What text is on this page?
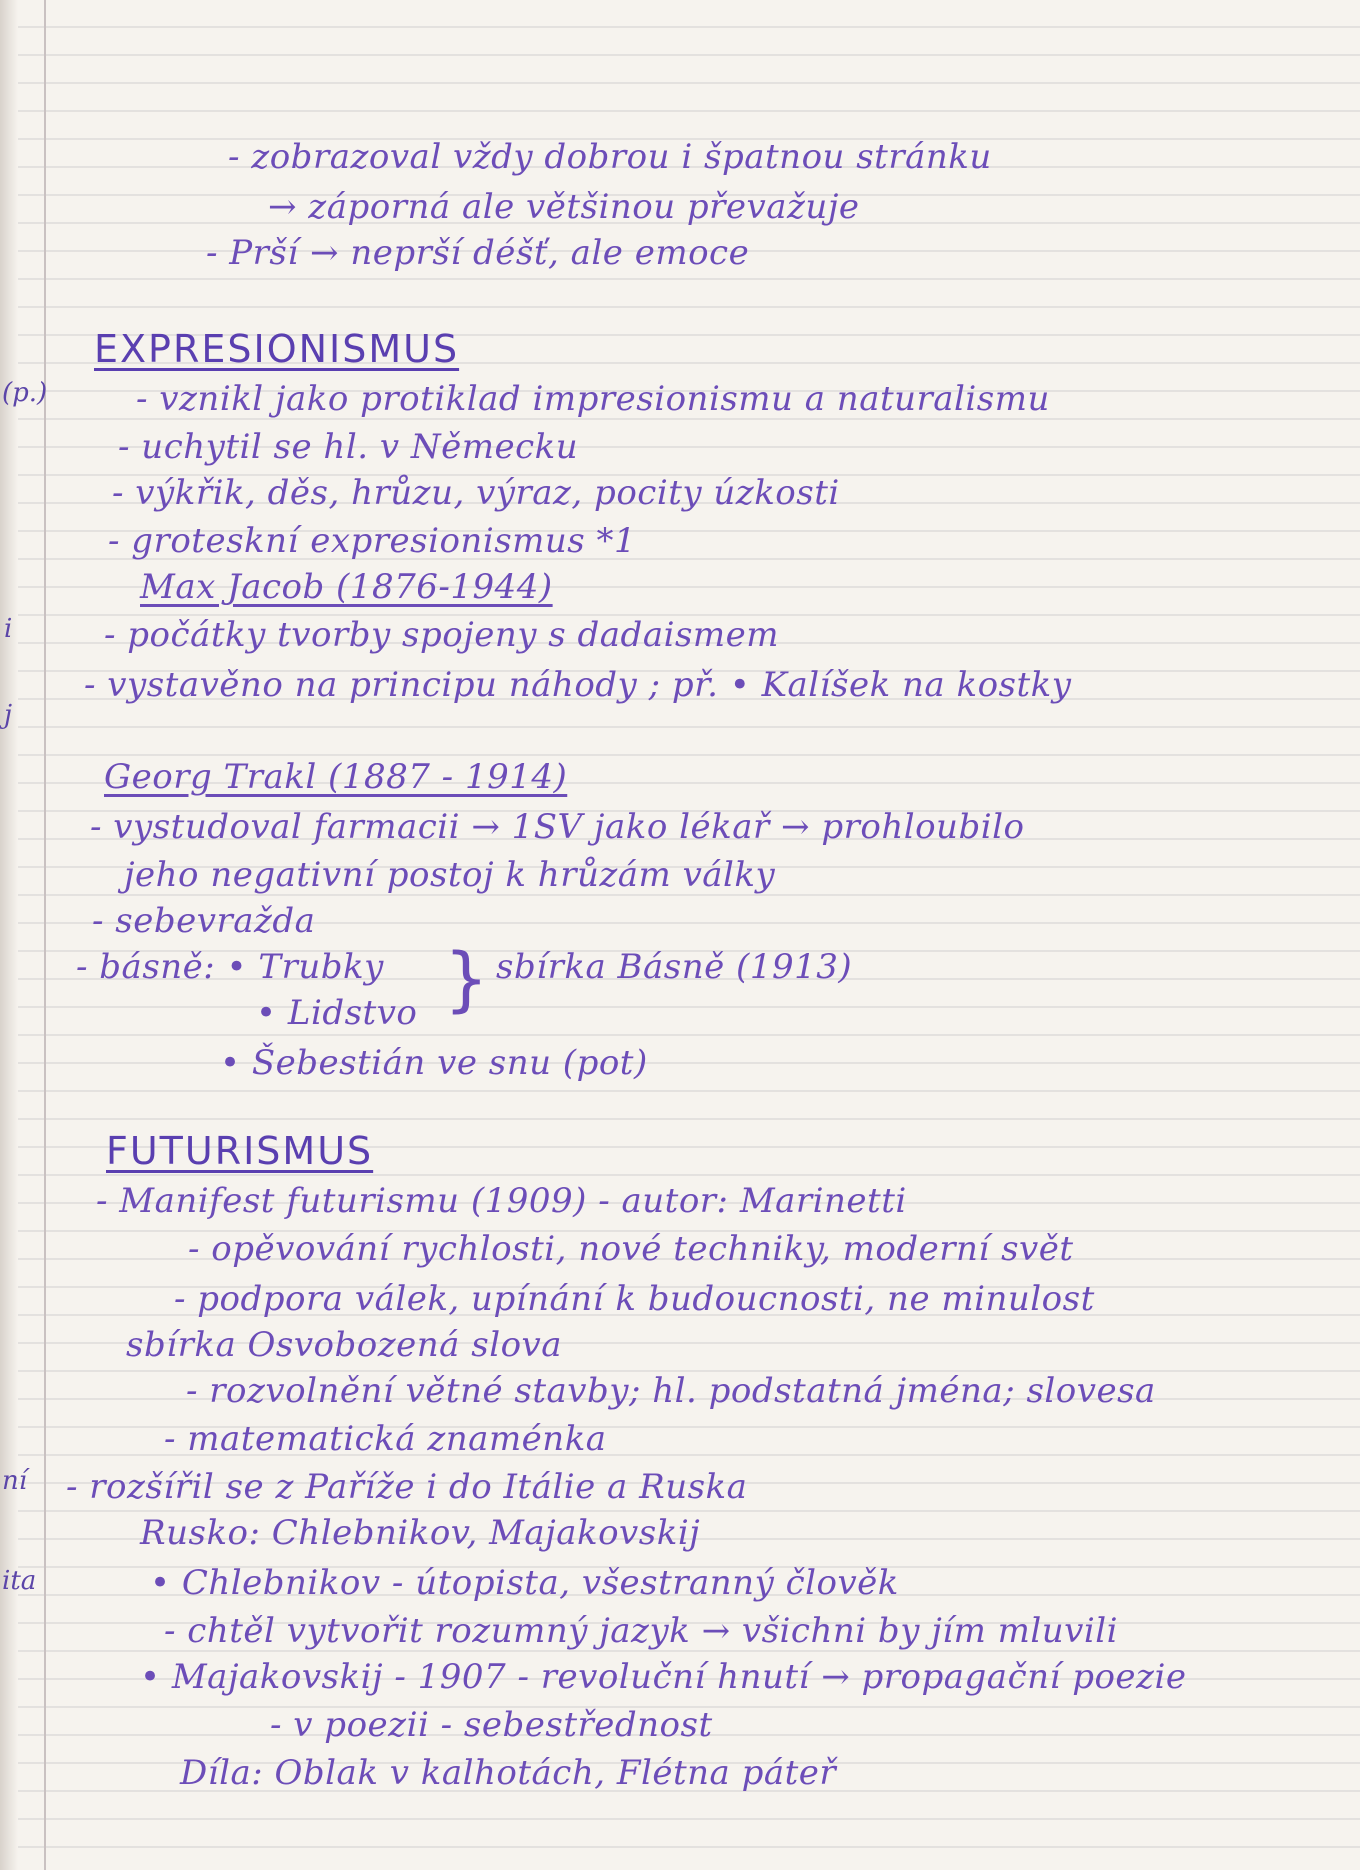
(p.)
i
j
ní
ita
- zobrazoval vždy dobrou i špatnou stránku
→ záporná ale většinou převažuje
- Prší → neprší déšť, ale emoce
EXPRESIONISMUS
- vznikl jako protiklad impresionismu a naturalismu
- uchytil se hl. v Německu
- výkřik, děs, hrůzu, výraz, pocity úzkosti
- groteskní expresionismus *1
Max Jacob (1876-1944)
- počátky tvorby spojeny s dadaismem
- vystavěno na principu náhody ; př. • Kalíšek na kostky
Georg Trakl (1887 - 1914)
- vystudoval farmacii → 1SV jako lékař → prohloubilo
jeho negativní postoj k hrůzám války
- sebevražda
- básně: • Trubky } sbírka Básně (1913)
• Lidstvo
• Šebestián ve snu (pot)
FUTURISMUS
- Manifest futurismu (1909) - autor: Marinetti
- opěvování rychlosti, nové techniky, moderní svět
- podpora válek, upínání k budoucnosti, ne minulost
sbírka Osvobozená slova
- rozvolnění větné stavby; hl. podstatná jména; slovesa
- matematická znaménka
- rozšířil se z Paříže i do Itálie a Ruska
Rusko: Chlebnikov, Majakovskij
• Chlebnikov - útopista, všestranný člověk
- chtěl vytvořit rozumný jazyk → všichni by jím mluvili
• Majakovskij - 1907 - revoluční hnutí → propagační poezie
- v poezii - sebestřednost
Díla: Oblak v kalhotách, Flétna páteř
